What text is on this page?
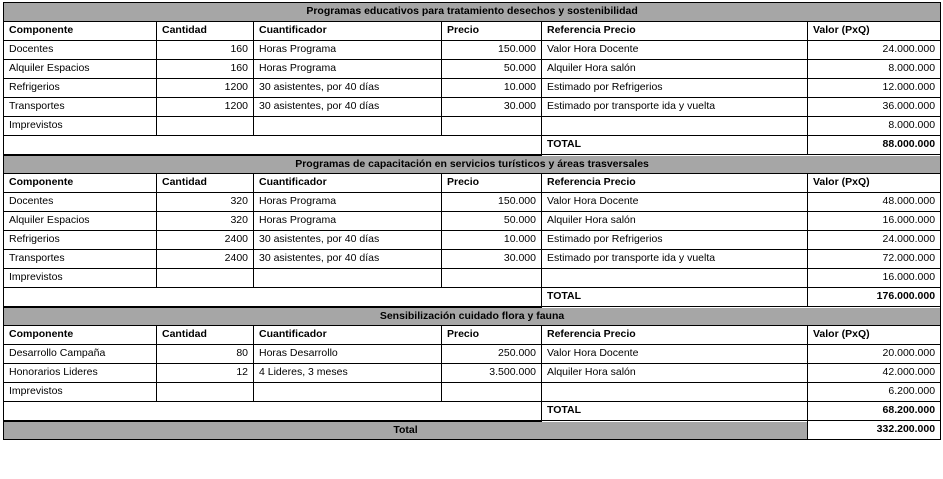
Programas educativos para tratamiento desechos y sostenibilidad					
Componente	Cantidad	Cuantificador	Precio	Referencia Precio	Valor (PxQ)
Docentes	160	Horas Programa	150.000	Valor Hora Docente	24.000.000
Alquiler Espacios	160	Horas Programa	50.000	Alquiler Hora salón	8.000.000
Refrigerios	1200	30 asistentes, por 40 días	10.000	Estimado por Refrigerios	12.000.000
Transportes	1200	30 asistentes, por 40 días	30.000	Estimado por transporte ida y vuelta	36.000.000
Imprevistos					8.000.000
				TOTAL	88.000.000
Programas de capacitación en servicios turísticos y áreas trasversales					
Componente	Cantidad	Cuantificador	Precio	Referencia Precio	Valor (PxQ)
Docentes	320	Horas Programa	150.000	Valor Hora Docente	48.000.000
Alquiler Espacios	320	Horas Programa	50.000	Alquiler Hora salón	16.000.000
Refrigerios	2400	30 asistentes, por 40 días	10.000	Estimado por Refrigerios	24.000.000
Transportes	2400	30 asistentes, por 40 días	30.000	Estimado por transporte ida y vuelta	72.000.000
Imprevistos					16.000.000
				TOTAL	176.000.000
Sensibilización cuidado flora y fauna					
Componente	Cantidad	Cuantificador	Precio	Referencia Precio	Valor (PxQ)
Desarrollo Campaña	80	Horas Desarrollo	250.000	Valor Hora Docente	20.000.000
Honorarios Lideres	12	4 Lideres, 3 meses	3.500.000	Alquiler Hora salón	42.000.000
Imprevistos					6.200.000
				TOTAL	68.200.000
Total					332.200.000
